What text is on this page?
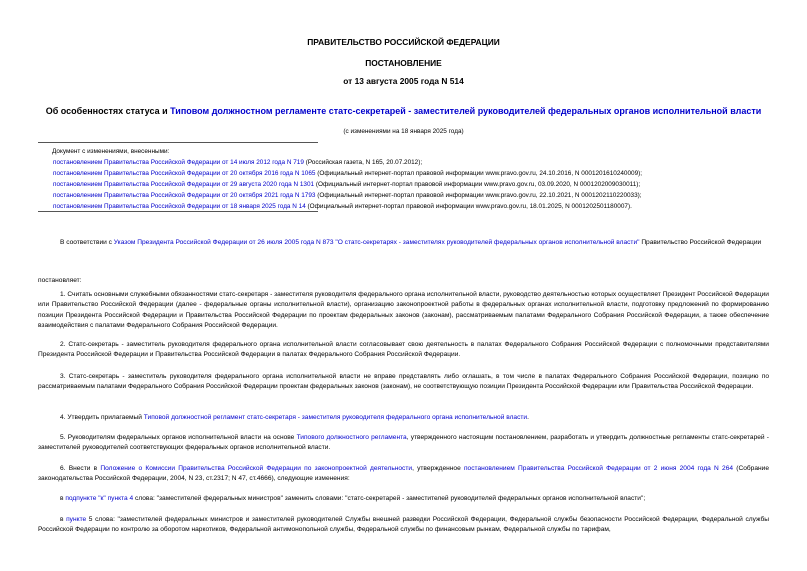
ПРАВИТЕЛЬСТВО РОССИЙСКОЙ ФЕДЕРАЦИИ
ПОСТАНОВЛЕНИЕ
от 13 августа 2005 года N 514
Об особенностях статуса и Типовом должностном регламенте статс-секретарей - заместителей руководителей федеральных органов исполнительной власти
(с изменениями на 18 января 2025 года)
Документ с изменениями, внесенными:
постановлением Правительства Российской Федерации от 14 июля 2012 года N 719 (Российская газета, N 165, 20.07.2012);
постановлением Правительства Российской Федерации от 20 октября 2016 года N 1065 (Официальный интернет-портал правовой информации www.pravo.gov.ru, 24.10.2016, N 0001201610240009);
постановлением Правительства Российской Федерации от 29 августа 2020 года N 1301 (Официальный интернет-портал правовой информации www.pravo.gov.ru, 03.09.2020, N 0001202009030011);
постановлением Правительства Российской Федерации от 20 октября 2021 года N 1793 (Официальный интернет-портал правовой информации www.pravo.gov.ru, 22.10.2021, N 0001202110220033);
постановлением Правительства Российской Федерации от 18 января 2025 года N 14 (Официальный интернет-портал правовой информации www.pravo.gov.ru, 18.01.2025, N 0001202501180007).
В соответствии с Указом Президента Российской Федерации от 26 июля 2005 года N 873 "О статс-секретарях - заместителях руководителей федеральных органов исполнительной власти" Правительство Российской Федерации
постановляет:
1. Считать основными служебными обязанностями статс-секретаря - заместителя руководителя федерального органа исполнительной власти, руководство деятельностью которых осуществляет Президент Российской Федерации или Правительство Российской Федерации (далее - федеральные органы исполнительной власти), организацию законопроектной работы в федеральных органах исполнительной власти, подготовку предложений по формированию позиции Президента Российской Федерации и Правительства Российской Федерации по проектам федеральных законов (законам), рассматриваемым палатами Федерального Собрания Российской Федерации, а также обеспечение взаимодействия с палатами Федерального Собрания Российской Федерации.
2. Статс-секретарь - заместитель руководителя федерального органа исполнительной власти согласовывает свою деятельность в палатах Федерального Собрания Российской Федерации с полномочными представителями Президента Российской Федерации и Правительства Российской Федерации в палатах Федерального Собрания Российской Федерации.
3. Статс-секретарь - заместитель руководителя федерального органа исполнительной власти не вправе представлять либо оглашать, в том числе в палатах Федерального Собрания Российской Федерации, позицию по рассматриваемым палатами Федерального Собрания Российской Федерации проектам федеральных законов (законам), не соответствующую позиции Президента Российской Федерации или Правительства Российской Федерации.
4. Утвердить прилагаемый Типовой должностной регламент статс-секретаря - заместителя руководителя федерального органа исполнительной власти.
5. Руководителям федеральных органов исполнительной власти на основе Типового должностного регламента, утвержденного настоящим постановлением, разработать и утвердить должностные регламенты статс-секретарей - заместителей руководителей соответствующих федеральных органов исполнительной власти.
6. Внести в Положение о Комиссии Правительства Российской Федерации по законопроектной деятельности, утвержденное постановлением Правительства Российской Федерации от 2 июня 2004 года N 264 (Собрание законодательства Российской Федерации, 2004, N 23, ст.2317; N 47, ст.4666), следующие изменения:
в подпункте "к" пункта 4 слова: "заместителей федеральных министров" заменить словами: "статс-секретарей - заместителей руководителей федеральных органов исполнительной власти";
в пункте 5 слова: "заместителей федеральных министров и заместителей руководителей Службы внешней разведки Российской Федерации, Федеральной службы безопасности Российской Федерации, Федеральной службы Российской Федерации по контролю за оборотом наркотиков, Федеральной антимонопольной службы, Федеральной службы по финансовым рынкам, Федеральной службы по тарифам,
